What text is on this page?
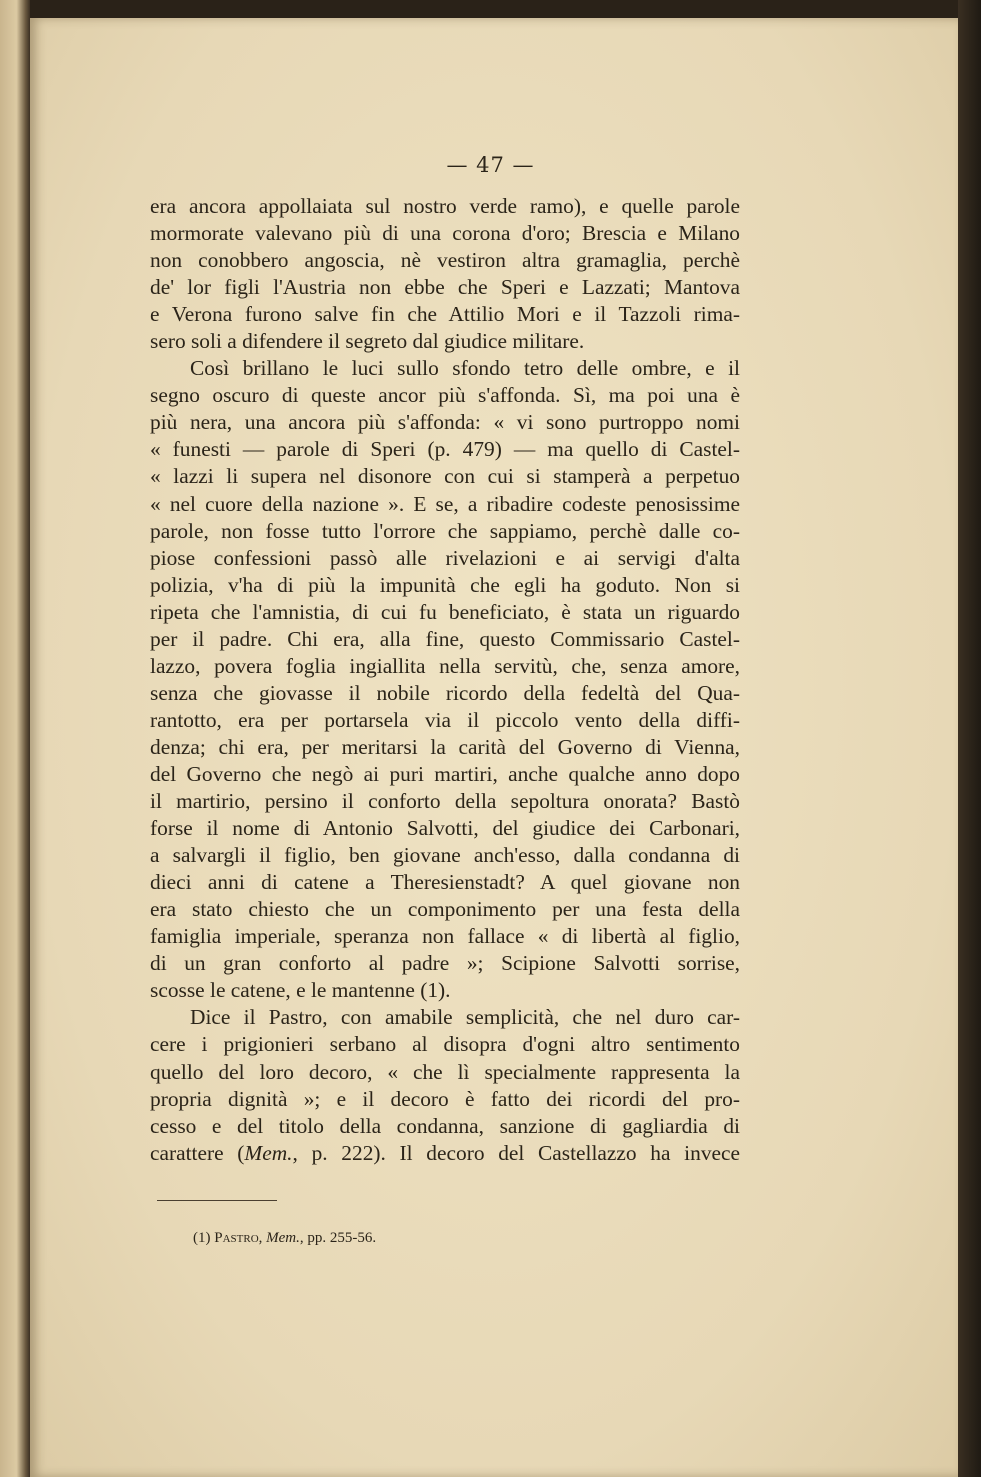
— 47 —
era ancora appollaiata sul nostro verde ramo), e quelle parole
mormorate valevano più di una corona d'oro; Brescia e Milano
non conobbero angoscia, nè vestiron altra gramaglia, perchè
de' lor figli l'Austria non ebbe che Speri e Lazzati; Mantova
e Verona furono salve fin che Attilio Mori e il Tazzoli rima-
sero soli a difendere il segreto dal giudice militare.
Così brillano le luci sullo sfondo tetro delle ombre, e il
segno oscuro di queste ancor più s'affonda. Sì, ma poi una è
più nera, una ancora più s'affonda: « vi sono purtroppo nomi
« funesti — parole di Speri (p. 479) — ma quello di Castel-
« lazzi li supera nel disonore con cui si stamperà a perpetuo
« nel cuore della nazione ». E se, a ribadire codeste penosissime
parole, non fosse tutto l'orrore che sappiamo, perchè dalle co-
piose confessioni passò alle rivelazioni e ai servigi d'alta
polizia, v'ha di più la impunità che egli ha goduto. Non si
ripeta che l'amnistia, di cui fu beneficiato, è stata un riguardo
per il padre. Chi era, alla fine, questo Commissario Castel-
lazzo, povera foglia ingiallita nella servitù, che, senza amore,
senza che giovasse il nobile ricordo della fedeltà del Qua-
rantotto, era per portarsela via il piccolo vento della diffi-
denza; chi era, per meritarsi la carità del Governo di Vienna,
del Governo che negò ai puri martiri, anche qualche anno dopo
il martirio, persino il conforto della sepoltura onorata? Bastò
forse il nome di Antonio Salvotti, del giudice dei Carbonari,
a salvargli il figlio, ben giovane anch'esso, dalla condanna di
dieci anni di catene a Theresienstadt? A quel giovane non
era stato chiesto che un componimento per una festa della
famiglia imperiale, speranza non fallace « di libertà al figlio,
di un gran conforto al padre »; Scipione Salvotti sorrise,
scosse le catene, e le mantenne (1).
Dice il Pastro, con amabile semplicità, che nel duro car-
cere i prigionieri serbano al disopra d'ogni altro sentimento
quello del loro decoro, « che lì specialmente rappresenta la
propria dignità »; e il decoro è fatto dei ricordi del pro-
cesso e del titolo della condanna, sanzione di gagliardia di
carattere (Mem., p. 222). Il decoro del Castellazzo ha invece
(1) Pastro, Mem., pp. 255-56.
